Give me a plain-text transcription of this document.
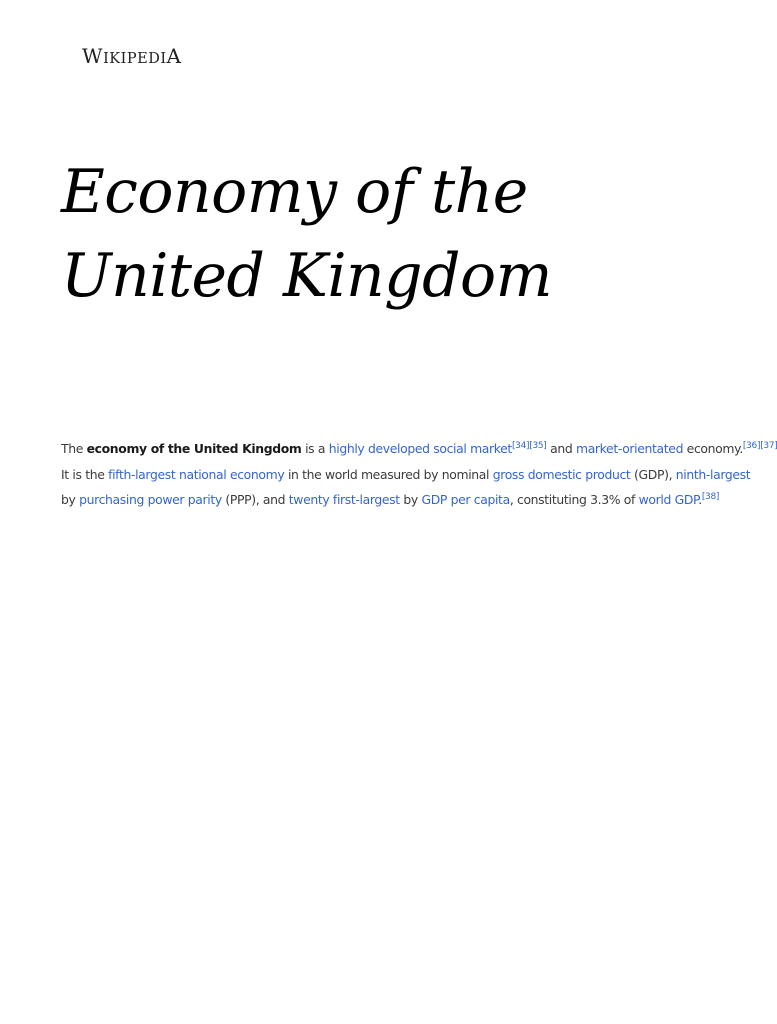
WIKIPEDIA
Economy of the
United Kingdom

The economy of the United Kingdom is a highly developed social market[34][35] and market-orientated economy.[36][37]
It is the fifth-largest national economy in the world measured by nominal gross domestic product (GDP), ninth-largest
by purchasing power parity (PPP), and twenty first-largest by GDP per capita, constituting 3.3% of world GDP.[38]
